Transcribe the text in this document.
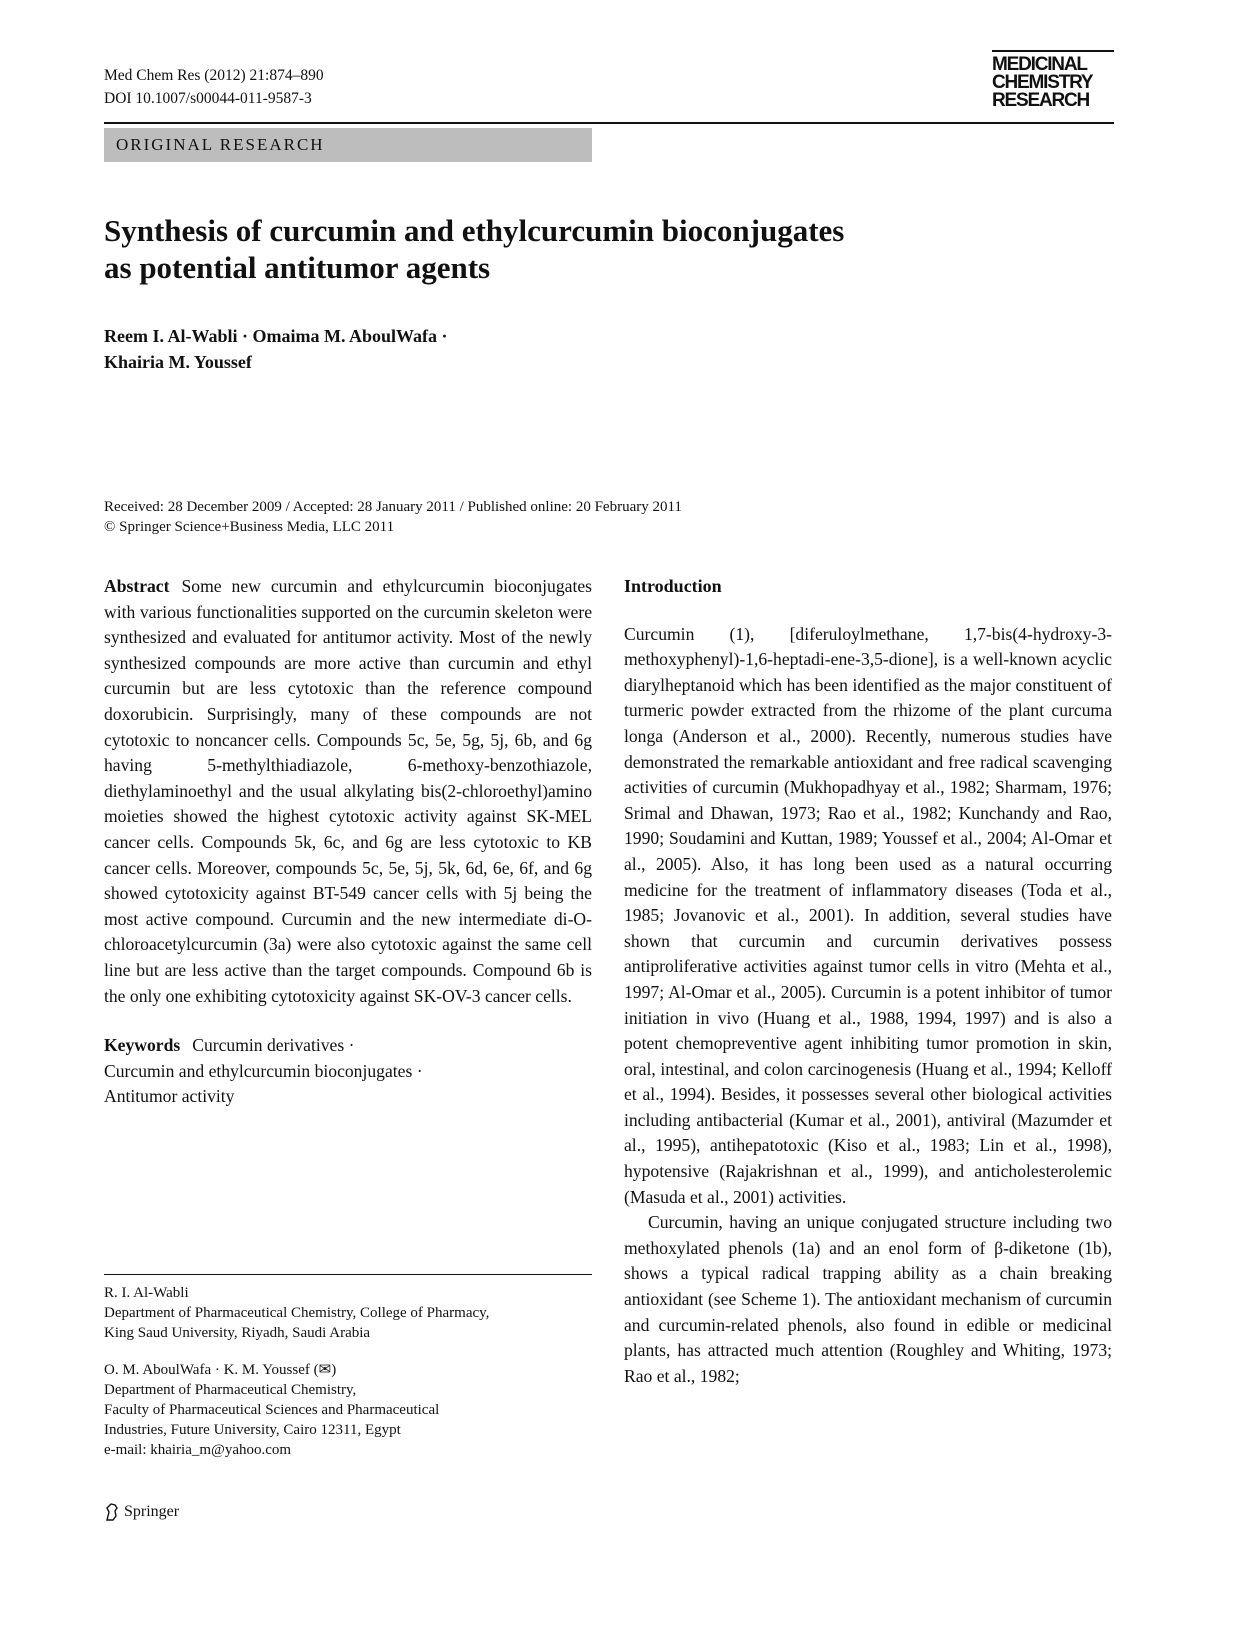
Med Chem Res (2012) 21:874–890
DOI 10.1007/s00044-011-9587-3
MEDICINAL
CHEMISTRY
RESEARCH
ORIGINAL RESEARCH
Synthesis of curcumin and ethylcurcumin bioconjugates
as potential antitumor agents
Reem I. Al-Wabli · Omaima M. AboulWafa ·
Khairia M. Youssef
Received: 28 December 2009 / Accepted: 28 January 2011 / Published online: 20 February 2011
© Springer Science+Business Media, LLC 2011

Abstract Some new curcumin and ethylcurcumin bioconjugates with various functionalities supported on the curcumin skeleton were synthesized and evaluated for antitumor activity. Most of the newly synthesized compounds are more active than curcumin and ethyl curcumin but are less cytotoxic than the reference compound doxorubicin. Surprisingly, many of these compounds are not cytotoxic to noncancer cells. Compounds 5c, 5e, 5g, 5j, 6b, and 6g having 5-methylthiadiazole, 6-methoxy-benzothiazole, diethylaminoethyl and the usual alkylating bis(2-chloroethyl)amino moieties showed the highest cytotoxic activity against SK-MEL cancer cells. Compounds 5k, 6c, and 6g are less cytotoxic to KB cancer cells. Moreover, compounds 5c, 5e, 5j, 5k, 6d, 6e, 6f, and 6g showed cytotoxicity against BT-549 cancer cells with 5j being the most active compound. Curcumin and the new intermediate di-O-chloroacetylcurcumin (3a) were also cytotoxic against the same cell line but are less active than the target compounds. Compound 6b is the only one exhibiting cytotoxicity against SK-OV-3 cancer cells.

Keywords Curcumin derivatives ·
Curcumin and ethylcurcumin bioconjugates ·
Antitumor activity

R. I. Al-Wabli
Department of Pharmaceutical Chemistry, College of Pharmacy,
King Saud University, Riyadh, Saudi Arabia
O. M. AboulWafa · K. M. Youssef (✉)
Department of Pharmaceutical Chemistry,
Faculty of Pharmaceutical Sciences and Pharmaceutical
Industries, Future University, Cairo 12311, Egypt
e-mail: khairia_m@yahoo.com

Introduction

Curcumin (1), [diferuloylmethane, 1,7-bis(4-hydroxy-3-methoxyphenyl)-1,6-heptadi-ene-3,5-dione], is a well-known acyclic diarylheptanoid which has been identified as the major constituent of turmeric powder extracted from the rhizome of the plant curcuma longa (Anderson et al., 2000). Recently, numerous studies have demonstrated the remarkable antioxidant and free radical scavenging activities of curcumin (Mukhopadhyay et al., 1982; Sharmam, 1976; Srimal and Dhawan, 1973; Rao et al., 1982; Kunchandy and Rao, 1990; Soudamini and Kuttan, 1989; Youssef et al., 2004; Al-Omar et al., 2005). Also, it has long been used as a natural occurring medicine for the treatment of inflammatory diseases (Toda et al., 1985; Jovanovic et al., 2001). In addition, several studies have shown that curcumin and curcumin derivatives possess antiproliferative activities against tumor cells in vitro (Mehta et al., 1997; Al-Omar et al., 2005). Curcumin is a potent inhibitor of tumor initiation in vivo (Huang et al., 1988, 1994, 1997) and is also a potent chemopreventive agent inhibiting tumor promotion in skin, oral, intestinal, and colon carcinogenesis (Huang et al., 1994; Kelloff et al., 1994). Besides, it possesses several other biological activities including antibacterial (Kumar et al., 2001), antiviral (Mazumder et al., 1995), antihepatotoxic (Kiso et al., 1983; Lin et al., 1998), hypotensive (Rajakrishnan et al., 1999), and anticholesterolemic (Masuda et al., 2001) activities.

Curcumin, having an unique conjugated structure including two methoxylated phenols (1a) and an enol form of β-diketone (1b), shows a typical radical trapping ability as a chain breaking antioxidant (see Scheme 1). The antioxidant mechanism of curcumin and curcumin-related phenols, also found in edible or medicinal plants, has attracted much attention (Roughley and Whiting, 1973; Rao et al., 1982;

Springer
